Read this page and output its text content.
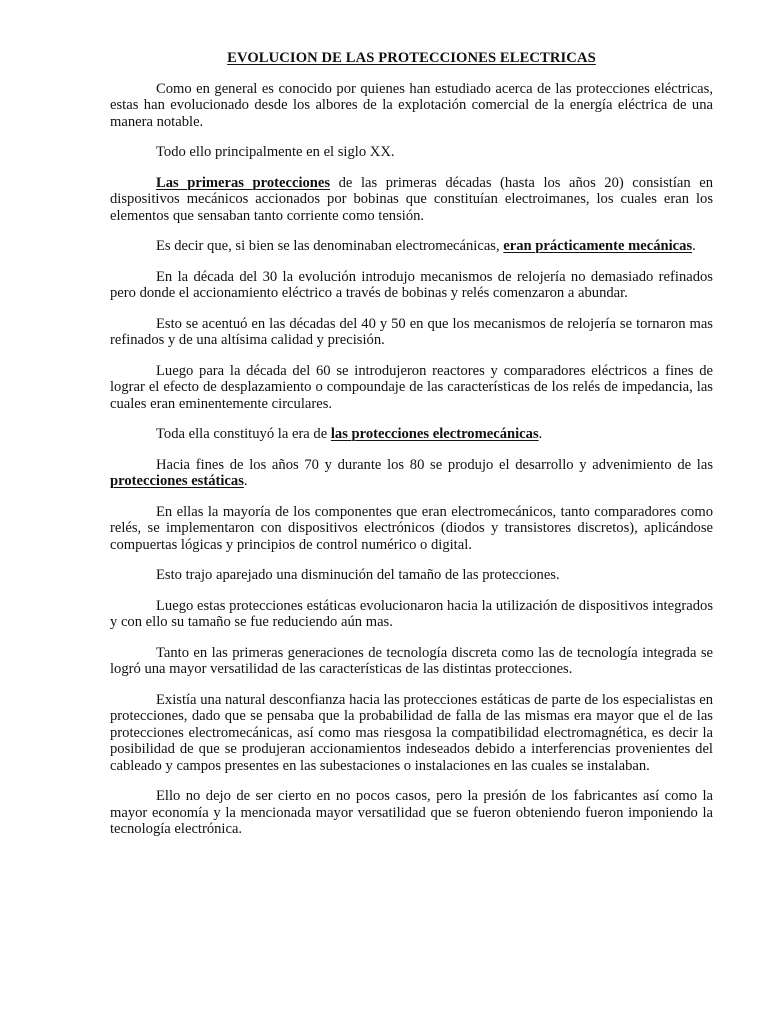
EVOLUCION DE LAS PROTECCIONES ELECTRICAS

Como en general es conocido por quienes han estudiado acerca de las protecciones eléctricas, estas han evolucionado desde los albores de la explotación comercial de la energía eléctrica de una manera notable.

Todo ello principalmente en el siglo XX.

Las primeras protecciones de las primeras décadas (hasta los años 20) consistían en dispositivos mecánicos accionados por bobinas que constituían electroimanes, los cuales eran los elementos que sensaban tanto corriente como tensión.

Es decir que, si bien se las denominaban electromecánicas, eran prácticamente mecánicas.

En la década del 30 la evolución introdujo mecanismos de relojería no demasiado refinados pero donde el accionamiento eléctrico a través de bobinas y relés comenzaron a abundar.

Esto se acentuó en las décadas del 40 y 50 en que los mecanismos de relojería se tornaron mas refinados y de una altísima calidad y precisión.

Luego para la década del 60 se introdujeron reactores y comparadores eléctricos a fines de lograr el efecto de desplazamiento o compoundaje de las características de los relés de impedancia, las cuales eran eminentemente circulares.

Toda ella constituyó la era de las protecciones electromecánicas.

Hacia fines de los años 70 y durante los 80 se produjo el desarrollo y advenimiento de las protecciones estáticas.

En ellas la mayoría de los componentes que eran electromecánicos, tanto comparadores como relés, se implementaron con dispositivos electrónicos (diodos y transistores discretos), aplicándose compuertas lógicas y principios de control numérico o digital.

Esto trajo aparejado una disminución del tamaño de las protecciones.

Luego estas protecciones estáticas evolucionaron hacia la utilización de dispositivos integrados y con ello su tamaño se fue reduciendo aún mas.

Tanto en las primeras generaciones de tecnología discreta como las de tecnología integrada se logró una mayor versatilidad de las características de las distintas protecciones.

Existía una natural desconfianza hacia las protecciones estáticas de parte de los especialistas en protecciones, dado que se pensaba que la probabilidad de falla de las mismas era mayor que el de las protecciones electromecánicas, así como mas riesgosa la compatibilidad electromagnética, es decir la posibilidad de que se produjeran accionamientos indeseados debido a interferencias provenientes del cableado y campos presentes en las subestaciones o instalaciones en las cuales se instalaban.

Ello no dejo de ser cierto en no pocos casos, pero la presión de los fabricantes así como la mayor economía y la mencionada mayor versatilidad que se fueron obteniendo fueron imponiendo la tecnología electrónica.
